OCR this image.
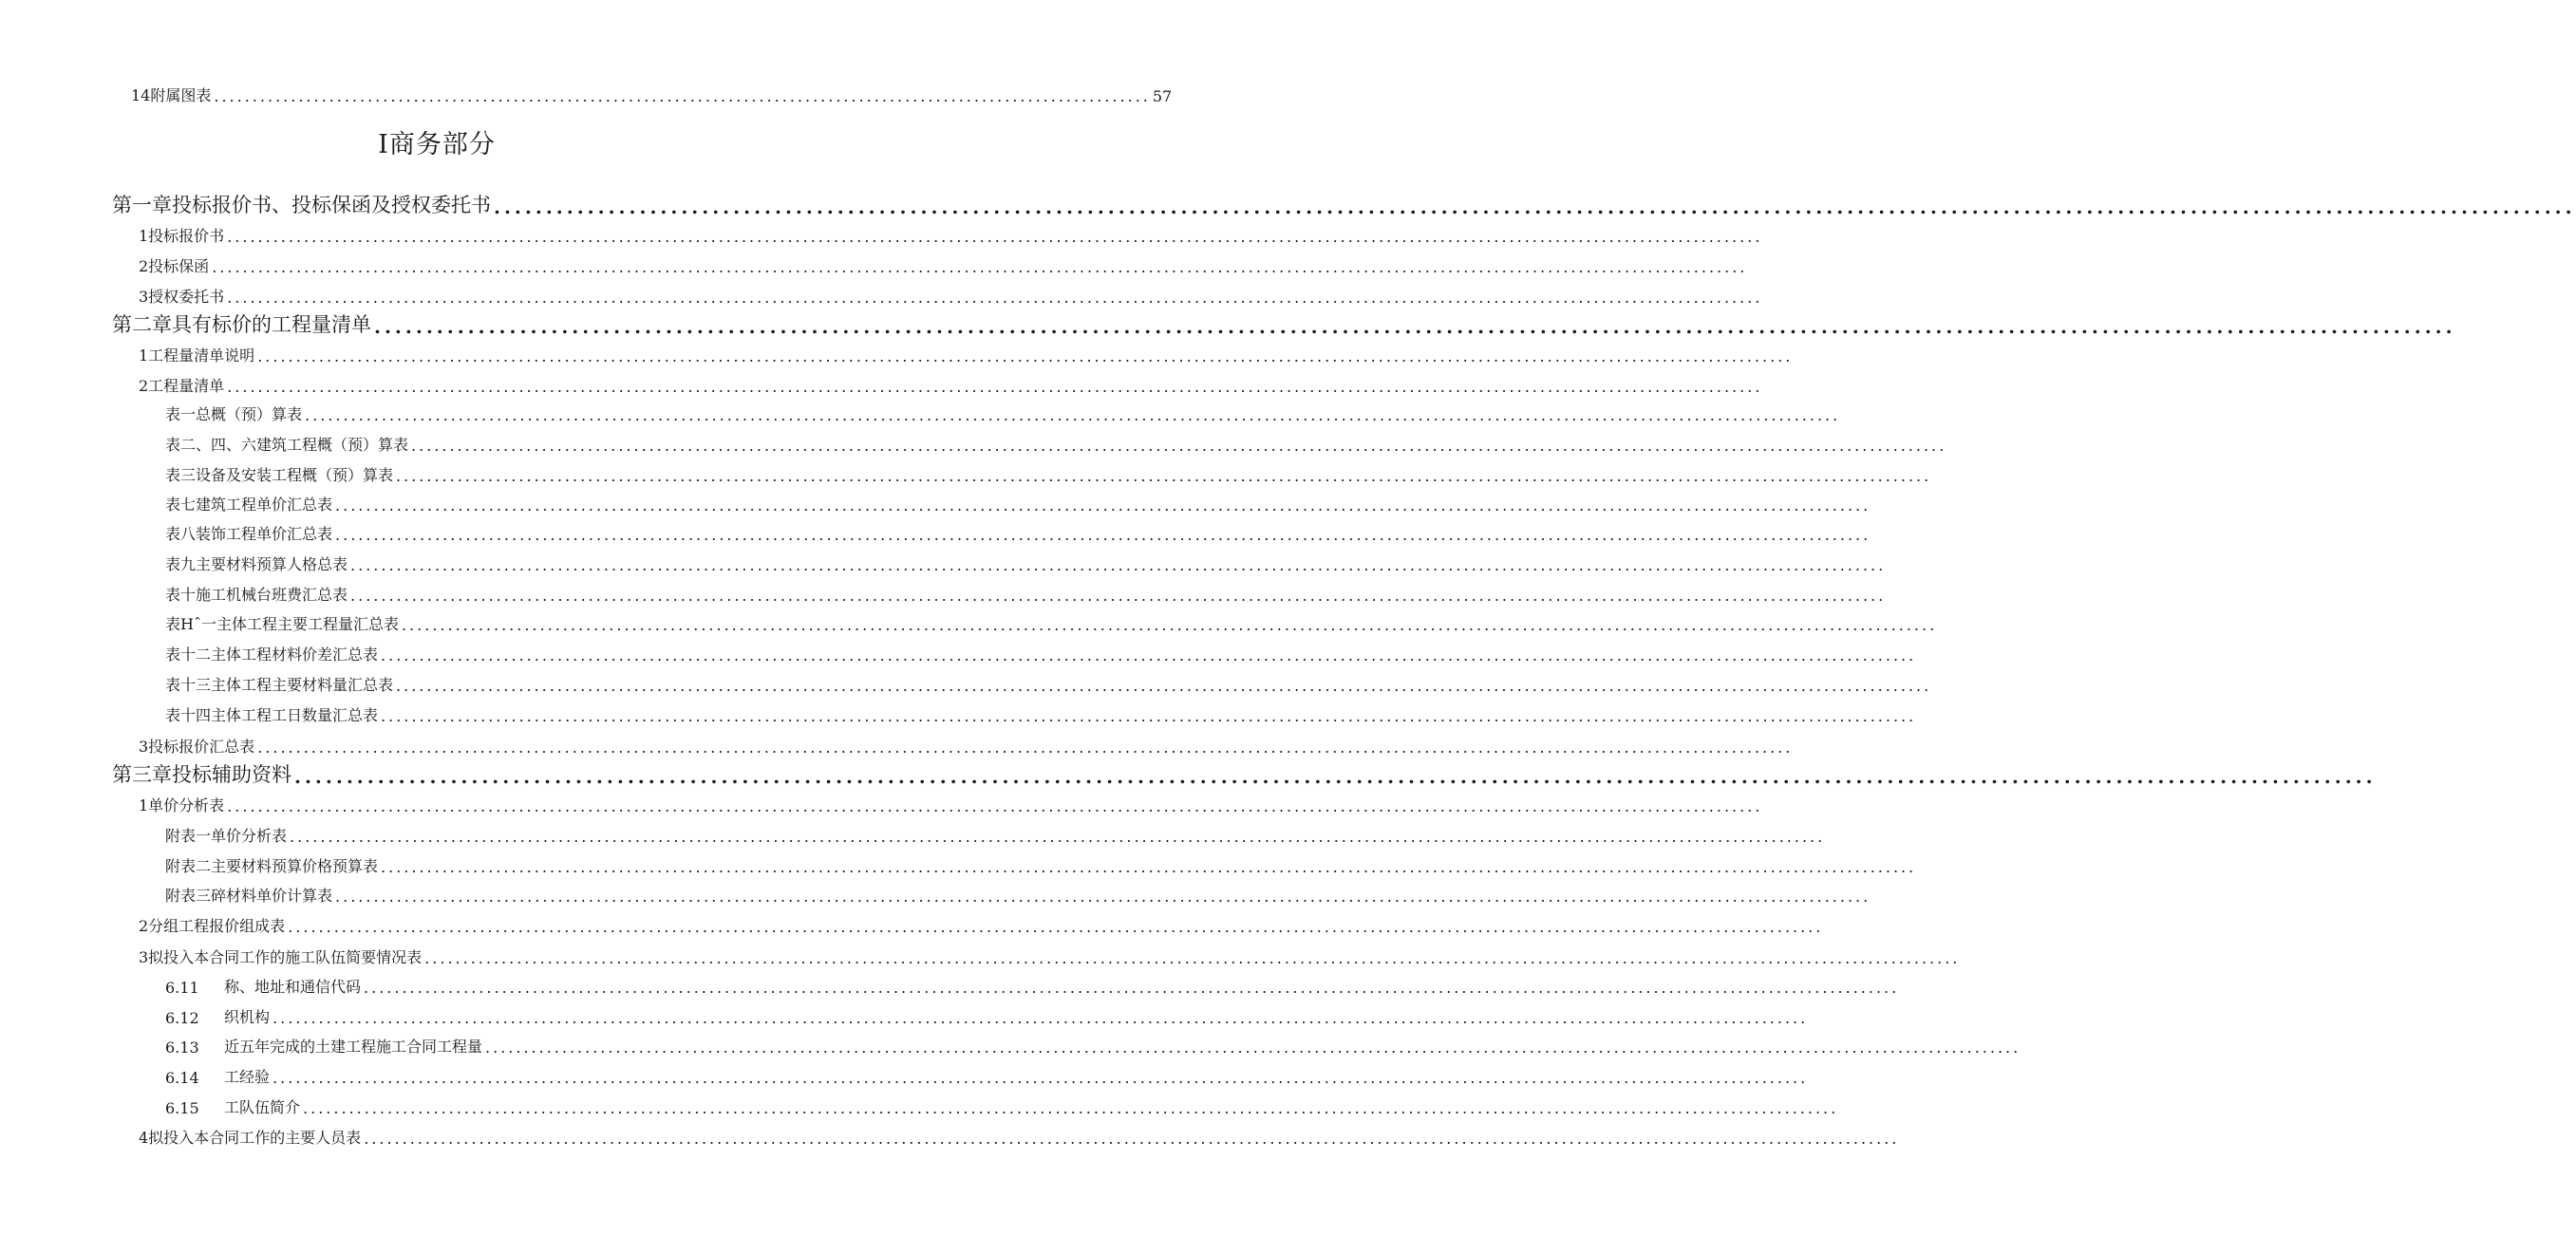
14附属图表 .......................................................................................................................... 57
I商务部分
第一章投标报价书、投标保函及授权委托书 ........................................................................................................................................................................................................
1投标报价书 ........................................................................................................................................................................................................
2投标保函 ........................................................................................................................................................................................................
3授权委托书 ........................................................................................................................................................................................................
第二章具有标价的工程量清单 ........................................................................................................................................................................................................
1工程量清单说明 ........................................................................................................................................................................................................
2工程量清单 ........................................................................................................................................................................................................
表一总概（预）算表 ........................................................................................................................................................................................................
表二、四、六建筑工程概（预）算表 ........................................................................................................................................................................................................
表三设备及安装工程概（预）算表 ........................................................................................................................................................................................................
表七建筑工程单价汇总表 ........................................................................................................................................................................................................
表八装饰工程单价汇总表 ........................................................................................................................................................................................................
表九主要材料预算人格总表 ........................................................................................................................................................................................................
表十施工机械台班费汇总表 ........................................................................................................................................................................................................
表Hˆ一主体工程主要工程量汇总表 ........................................................................................................................................................................................................
表十二主体工程材料价差汇总表 ........................................................................................................................................................................................................
表十三主体工程主要材料量汇总表 ........................................................................................................................................................................................................
表十四主体工程工日数量汇总表 ........................................................................................................................................................................................................
3投标报价汇总表 ........................................................................................................................................................................................................
第三章投标辅助资料 ........................................................................................................................................................................................................
1单价分析表 ........................................................................................................................................................................................................
附表一单价分析表 ........................................................................................................................................................................................................
附表二主要材料预算价格预算表 ........................................................................................................................................................................................................
附表三碎材料单价计算表 ........................................................................................................................................................................................................
2分组工程报价组成表 ........................................................................................................................................................................................................
3拟投入本合同工作的施工队伍简要情况表 ........................................................................................................................................................................................................
6.11	称、地址和通信代码 ........................................................................................................................................................................................................
6.12	织机构 ........................................................................................................................................................................................................
6.13	近五年完成的土建工程施工合同工程量 ........................................................................................................................................................................................................
6.14	工经验 ........................................................................................................................................................................................................
6.15	工队伍简介 ........................................................................................................................................................................................................
4拟投入本合同工作的主要人员表 ........................................................................................................................................................................................................
